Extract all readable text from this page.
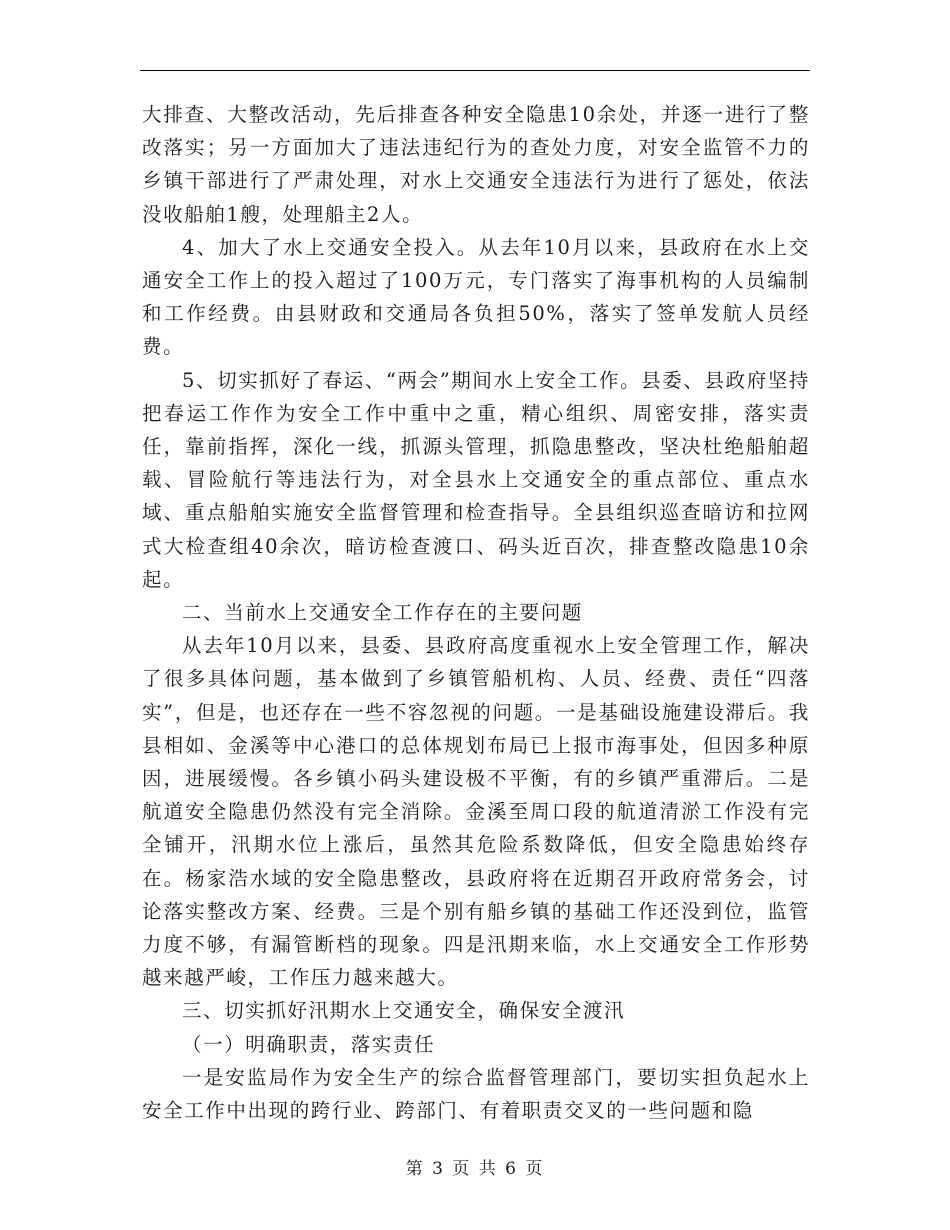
大排查、大整改活动，先后排查各种安全隐患10余处，并逐一进行了整改落实；另一方面加大了违法违纪行为的查处力度，对安全监管不力的乡镇干部进行了严肃处理，对水上交通安全违法行为进行了惩处，依法没收船舶1艘，处理船主2人。

4、加大了水上交通安全投入。从去年10月以来，县政府在水上交通安全工作上的投入超过了100万元，专门落实了海事机构的人员编制和工作经费。由县财政和交通局各负担50%，落实了签单发航人员经费。

5、切实抓好了春运、“两会”期间水上安全工作。县委、县政府坚持把春运工作作为安全工作中重中之重，精心组织、周密安排，落实责任，靠前指挥，深化一线，抓源头管理，抓隐患整改，坚决杜绝船舶超载、冒险航行等违法行为，对全县水上交通安全的重点部位、重点水域、重点船舶实施安全监督管理和检查指导。全县组织巡查暗访和拉网式大检查组40余次，暗访检查渡口、码头近百次，排查整改隐患10余起。

二、当前水上交通安全工作存在的主要问题

从去年10月以来，县委、县政府高度重视水上安全管理工作，解决了很多具体问题，基本做到了乡镇管船机构、人员、经费、责任“四落实”，但是，也还存在一些不容忽视的问题。一是基础设施建设滞后。我县相如、金溪等中心港口的总体规划布局已上报市海事处，但因多种原因，进展缓慢。各乡镇小码头建设极不平衡，有的乡镇严重滞后。二是航道安全隐患仍然没有完全消除。金溪至周口段的航道清淤工作没有完全铺开，汛期水位上涨后，虽然其危险系数降低，但安全隐患始终存在。杨家浩水域的安全隐患整改，县政府将在近期召开政府常务会，讨论落实整改方案、经费。三是个别有船乡镇的基础工作还没到位，监管力度不够，有漏管断档的现象。四是汛期来临，水上交通安全工作形势越来越严峻，工作压力越来越大。

三、切实抓好汛期水上交通安全，确保安全渡汛

（一）明确职责，落实责任

一是安监局作为安全生产的综合监督管理部门，要切实担负起水上安全工作中出现的跨行业、跨部门、有着职责交叉的一些问题和隐

第 3 页 共 6 页
